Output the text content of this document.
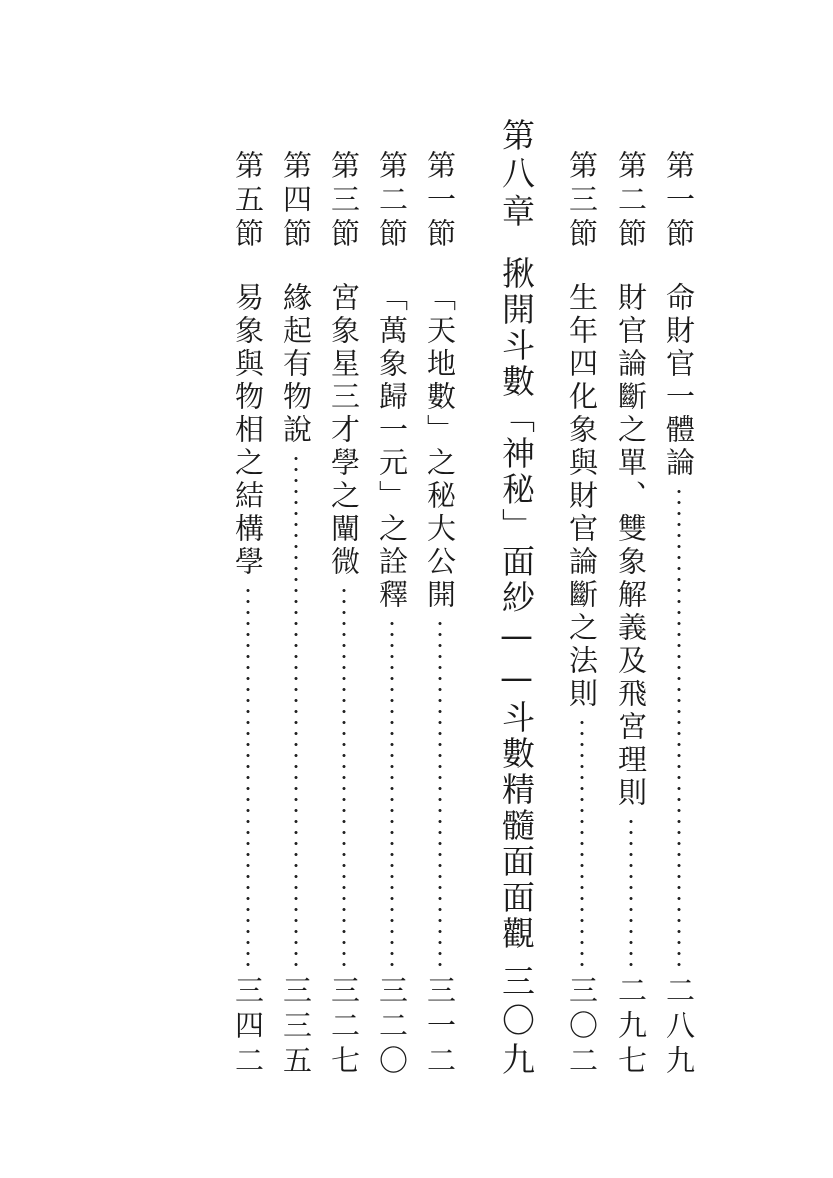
第一節
命財官一體論
二八九
第二節
財官論斷之單、雙象解義及飛宮理則
二九七
第三節
生年四化象與財官論斷之法則
三〇二
第八章
揪開斗數「神秘」面紗——斗數精髓面面觀
三〇九
第一節
「天地數」之秘大公開
三一二
第二節
「萬象歸一元」之詮釋
三二〇
第三節
宮象星三才學之闡微
三二七
第四節
緣起有物說
三三五
第五節
易象與物相之結構學
三四二
